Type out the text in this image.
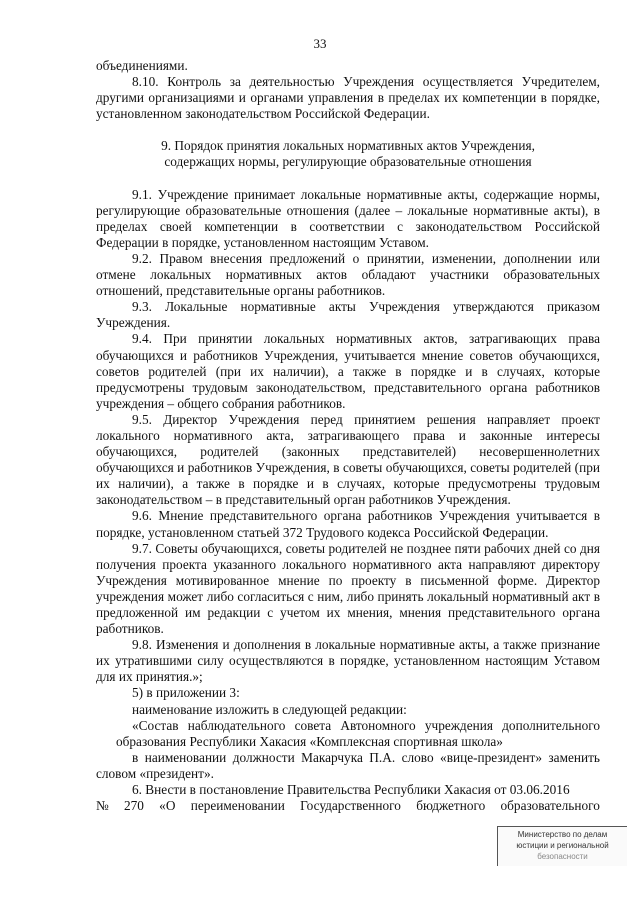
33

объединениями.

8.10. Контроль за деятельностью Учреждения осуществляется Учредителем, другими организациями и органами управления в пределах их компетенции в порядке, установленном законодательством Российской Федерации.

9. Порядок принятия локальных нормативных актов Учреждения,
содержащих нормы, регулирующие образовательные отношения

9.1. Учреждение принимает локальные нормативные акты, содержащие нормы, регулирующие образовательные отношения (далее – локальные нормативные акты), в пределах своей компетенции в соответствии с законодательством Российской Федерации в порядке, установленном настоящим Уставом.

9.2. Правом внесения предложений о принятии, изменении, дополнении или отмене локальных нормативных актов обладают участники образовательных отношений, представительные органы работников.

9.3. Локальные нормативные акты Учреждения утверждаются приказом Учреждения.

9.4. При принятии локальных нормативных актов, затрагивающих права обучающихся и работников Учреждения, учитывается мнение советов обучающихся, советов родителей (при их наличии), а также в порядке и в случаях, которые предусмотрены трудовым законодательством, представительного органа работников учреждения – общего собрания работников.

9.5. Директор Учреждения перед принятием решения направляет проект локального нормативного акта, затрагивающего права и законные интересы обучающихся, родителей (законных представителей) несовершеннолетних обучающихся и работников Учреждения, в советы обучающихся, советы родителей (при их наличии), а также в порядке и в случаях, которые предусмотрены трудовым законодательством – в представительный орган работников Учреждения.

9.6. Мнение представительного органа работников Учреждения учитывается в порядке, установленном статьей 372 Трудового кодекса Российской Федерации.

9.7. Советы обучающихся, советы родителей не позднее пяти рабочих дней со дня получения проекта указанного локального нормативного акта направляют директору Учреждения мотивированное мнение по проекту в письменной форме. Директор учреждения может либо согласиться с ним, либо принять локальный нормативный акт в предложенной им редакции с учетом их мнения, мнения представительного органа работников.

9.8. Изменения и дополнения в локальные нормативные акты, а также признание их утратившими силу осуществляются в порядке, установленном настоящим Уставом для их принятия.»;

5) в приложении 3:

наименование изложить в следующей редакции:

«Состав наблюдательного совета Автономного учреждения дополнительного образования Республики Хакасия «Комплексная спортивная школа»

в наименовании должности Макарчука П.А. слово «вице-президент» заменить словом «президент».

6. Внести в постановление Правительства Республики Хакасия от 03.06.2016

№ 270 «О переименовании Государственного бюджетного образовательного

Министерство по делам
юстиции и региональной
безопасности
